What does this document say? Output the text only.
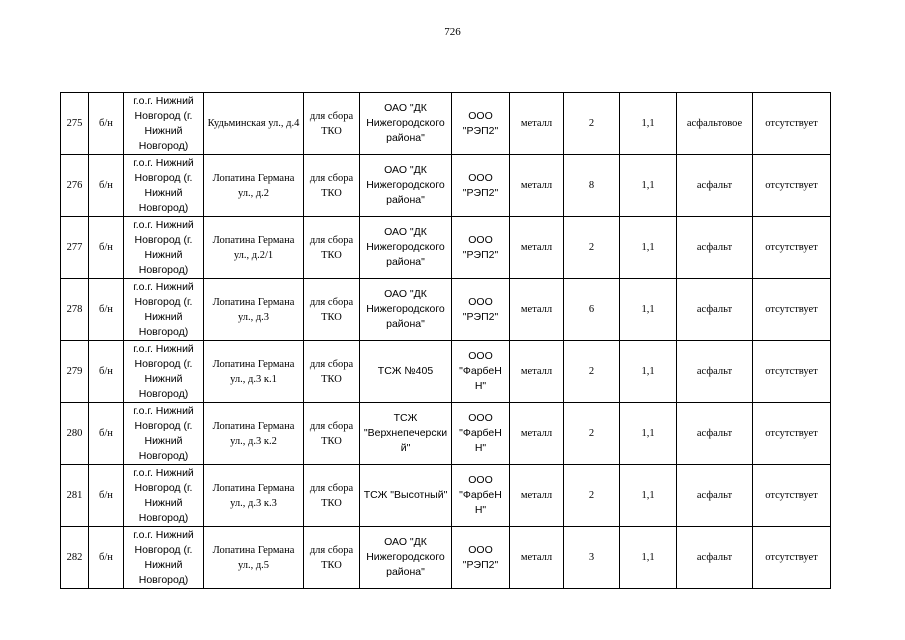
726
275	б/н	г.о.г. Нижний Новгород (г. Нижний Новгород)	Кудьминская ул., д.4	для сбора ТКО	ОАО "ДК Нижегородского района"	ООО "РЭП2"	металл	2	1,1	асфальтовое	отсутствует
276	б/н	г.о.г. Нижний Новгород (г. Нижний Новгород)	Лопатина Германа ул., д.2	для сбора ТКО	ОАО "ДК Нижегородского района"	ООО "РЭП2"	металл	8	1,1	асфальт	отсутствует
277	б/н	г.о.г. Нижний Новгород (г. Нижний Новгород)	Лопатина Германа ул., д.2/1	для сбора ТКО	ОАО "ДК Нижегородского района"	ООО "РЭП2"	металл	2	1,1	асфальт	отсутствует
278	б/н	г.о.г. Нижний Новгород (г. Нижний Новгород)	Лопатина Германа ул., д.3	для сбора ТКО	ОАО "ДК Нижегородского района"	ООО "РЭП2"	металл	6	1,1	асфальт	отсутствует
279	б/н	г.о.г. Нижний Новгород (г. Нижний Новгород)	Лопатина Германа ул., д.3 к.1	для сбора ТКО	ТСЖ №405	ООО "ФарбеН Н"	металл	2	1,1	асфальт	отсутствует
280	б/н	г.о.г. Нижний Новгород (г. Нижний Новгород)	Лопатина Германа ул., д.3 к.2	для сбора ТКО	ТСЖ "Верхнепечерский"	ООО "ФарбеН Н"	металл	2	1,1	асфальт	отсутствует
281	б/н	г.о.г. Нижний Новгород (г. Нижний Новгород)	Лопатина Германа ул., д.3 к.3	для сбора ТКО	ТСЖ "Высотный"	ООО "ФарбеН Н"	металл	2	1,1	асфальт	отсутствует
282	б/н	г.о.г. Нижний Новгород (г. Нижний Новгород)	Лопатина Германа ул., д.5	для сбора ТКО	ОАО "ДК Нижегородского района"	ООО "РЭП2"	металл	3	1,1	асфальт	отсутствует
